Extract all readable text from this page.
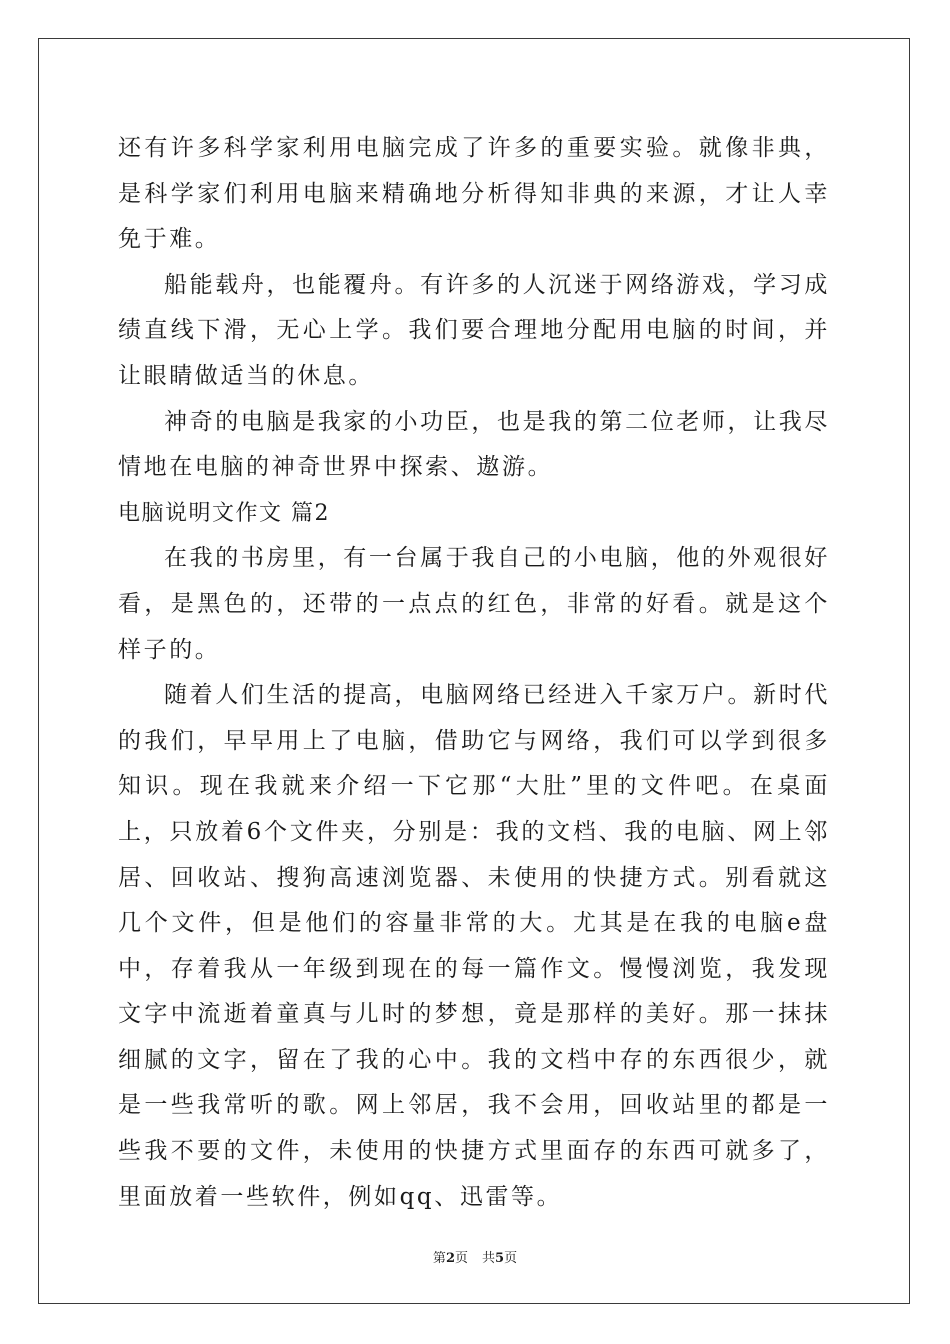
还有许多科学家利用电脑完成了许多的重要实验。就像非典，是科学家们利用电脑来精确地分析得知非典的来源，才让人幸免于难。

船能载舟，也能覆舟。有许多的人沉迷于网络游戏，学习成绩直线下滑，无心上学。我们要合理地分配用电脑的时间，并让眼睛做适当的休息。

神奇的电脑是我家的小功臣，也是我的第二位老师，让我尽情地在电脑的神奇世界中探索、遨游。

电脑说明文作文 篇2

在我的书房里，有一台属于我自己的小电脑，他的外观很好看，是黑色的，还带的一点点的红色，非常的好看。就是这个样子的。

随着人们生活的提高，电脑网络已经进入千家万户。新时代的我们，早早用上了电脑，借助它与网络，我们可以学到很多知识。现在我就来介绍一下它那“大肚”里的文件吧。在桌面上，只放着6个文件夹，分别是：我的文档、我的电脑、网上邻居、回收站、搜狗高速浏览器、未使用的快捷方式。别看就这几个文件，但是他们的容量非常的大。尤其是在我的电脑e盘中，存着我从一年级到现在的每一篇作文。慢慢浏览，我发现文字中流逝着童真与儿时的梦想，竟是那样的美好。那一抹抹细腻的文字，留在了我的心中。我的文档中存的东西很少，就是一些我常听的歌。网上邻居，我不会用，回收站里的都是一些我不要的文件，未使用的快捷方式里面存的东西可就多了，里面放着一些软件，例如qq、迅雷等。

第2页 共5页
